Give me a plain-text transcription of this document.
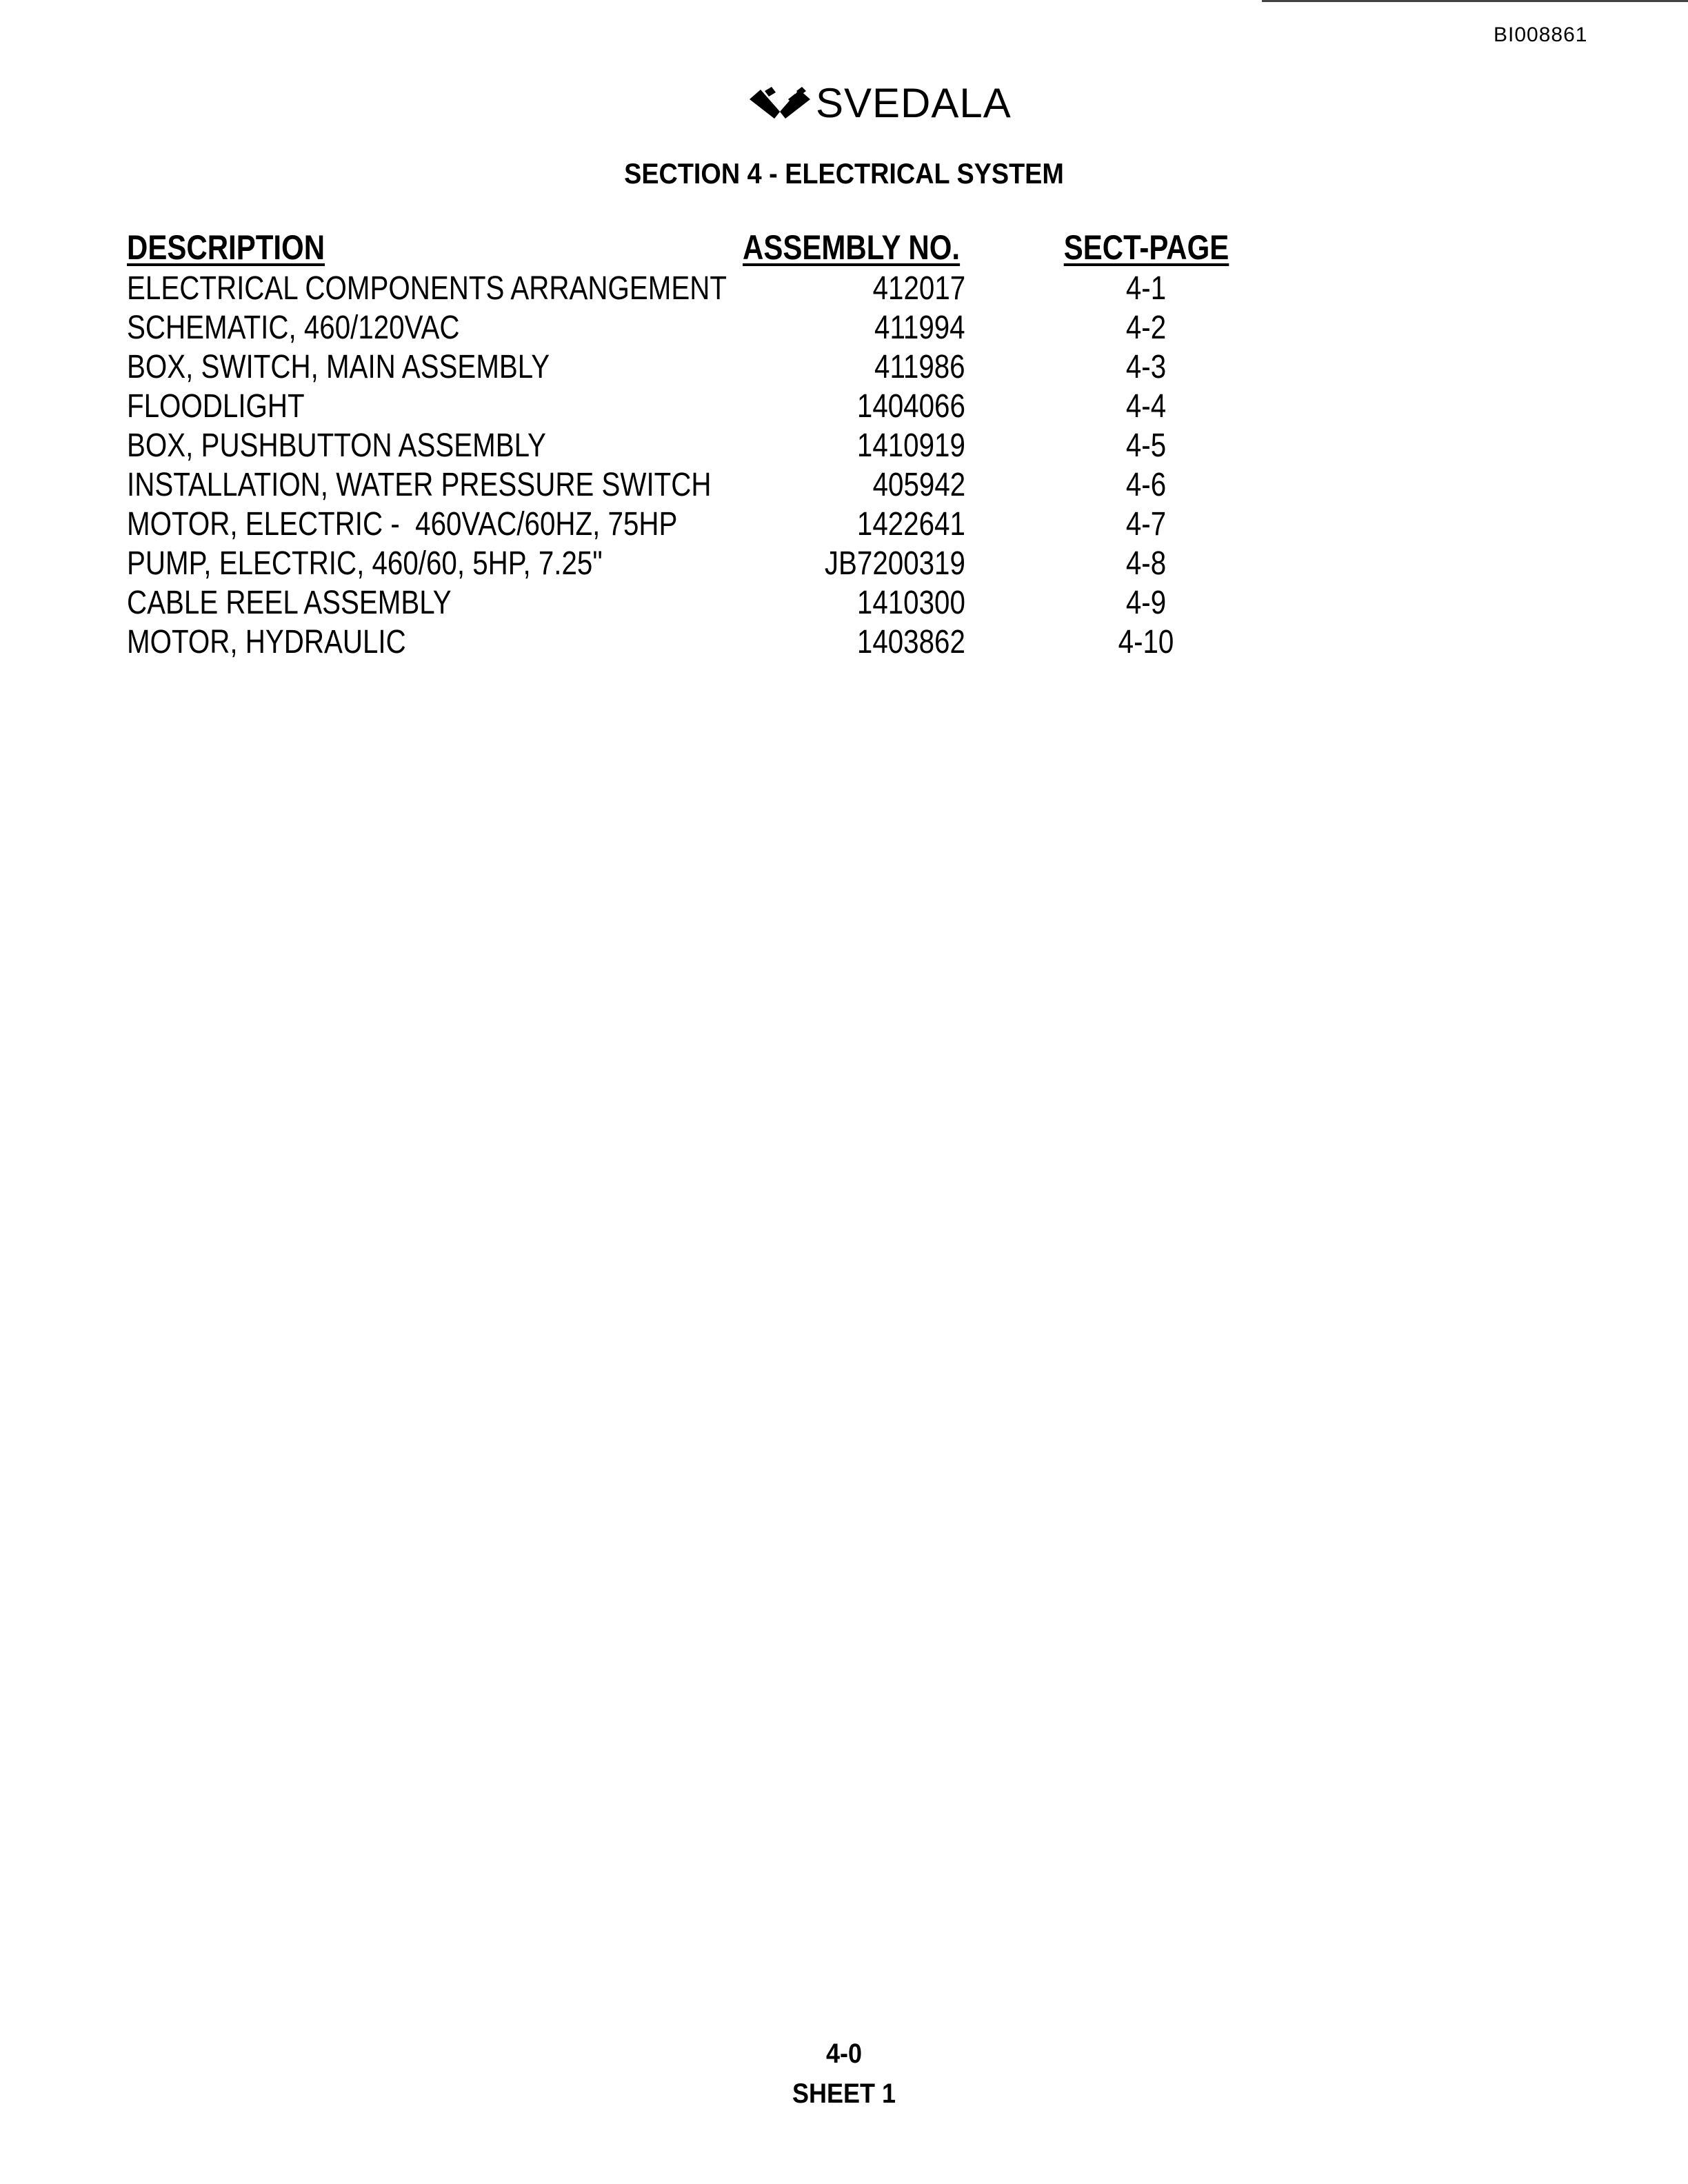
BI008861
SVEDALA
SECTION 4 - ELECTRICAL SYSTEM
DESCRIPTION	ASSEMBLY NO.	SECT-PAGE
ELECTRICAL COMPONENTS ARRANGEMENT	412017	4-1
SCHEMATIC, 460/120VAC	411994	4-2
BOX, SWITCH, MAIN ASSEMBLY	411986	4-3
FLOODLIGHT	1404066	4-4
BOX, PUSHBUTTON ASSEMBLY	1410919	4-5
INSTALLATION, WATER PRESSURE SWITCH	405942	4-6
MOTOR, ELECTRIC -  460VAC/60HZ, 75HP	1422641	4-7
PUMP, ELECTRIC, 460/60, 5HP, 7.25"	JB7200319	4-8
CABLE REEL ASSEMBLY	1410300	4-9
MOTOR, HYDRAULIC	1403862	4-10
4-0
SHEET 1
